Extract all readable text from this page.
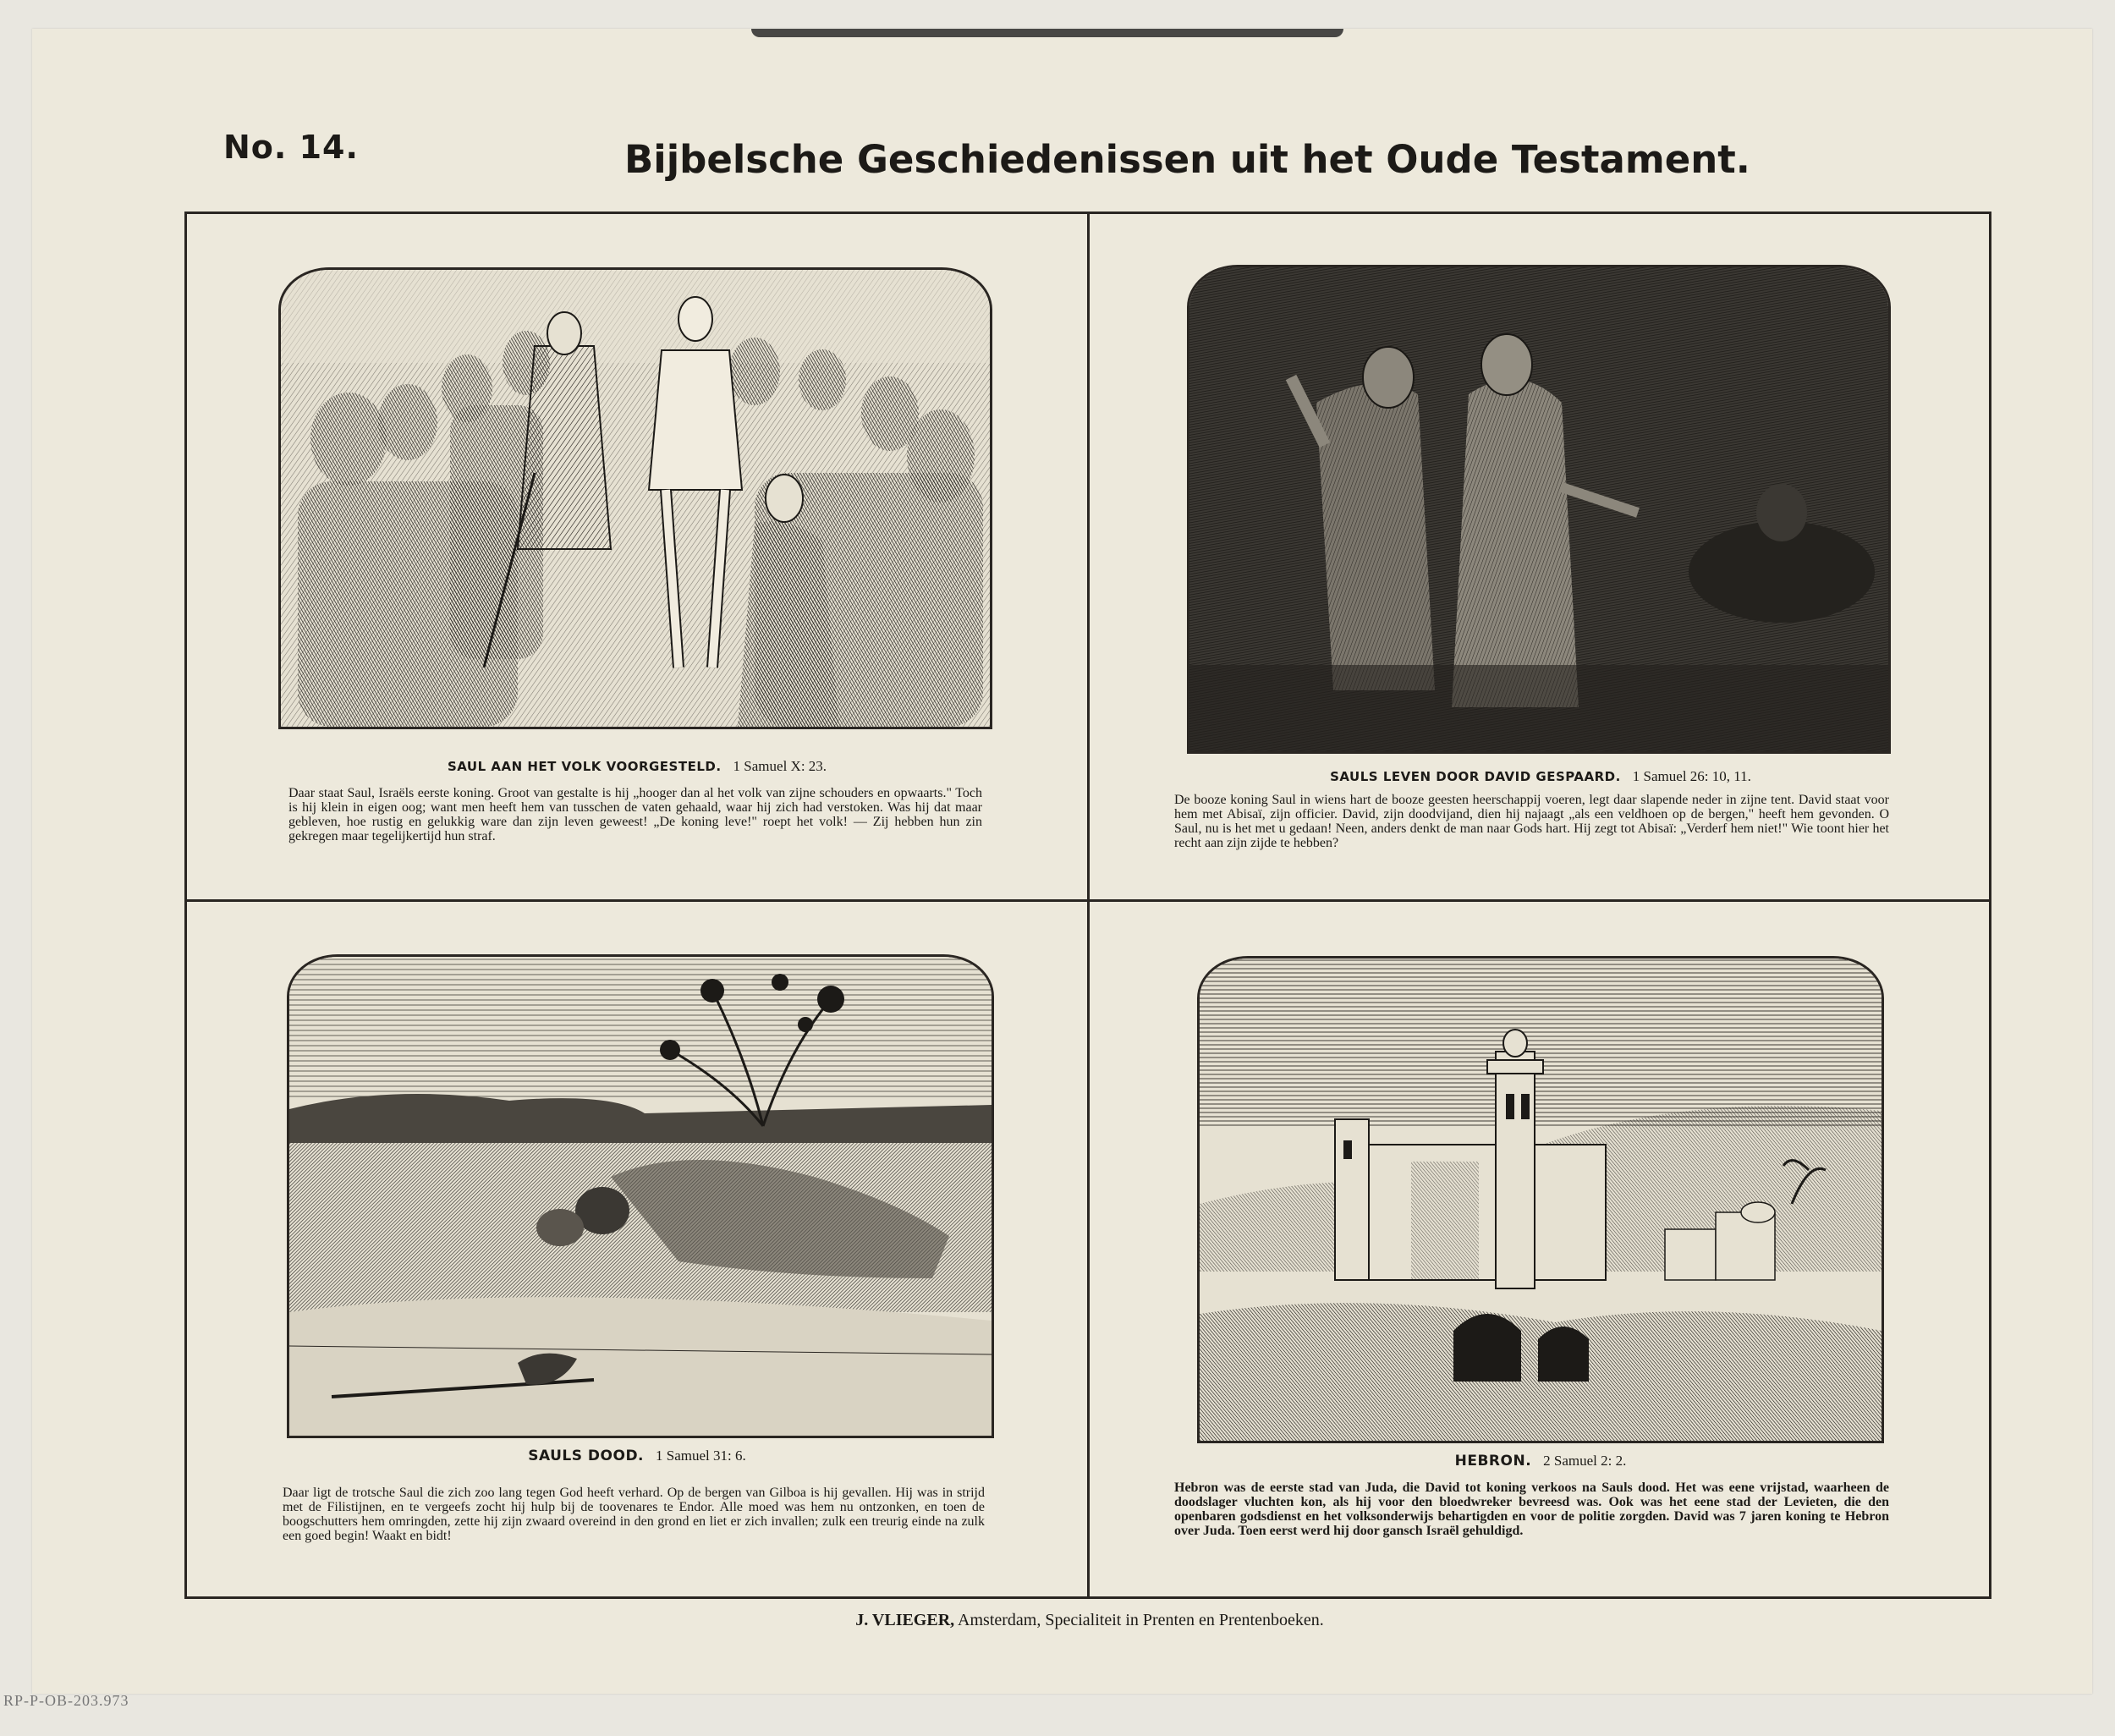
No. 14.	Bijbelsche Geschiedenissen uit het Oude Testament.
SAUL AAN HET VOLK VOORGESTELD. 1 Samuel X: 23.
Daar staat Saul, Israëls eerste koning. Groot van gestalte is hij „hooger dan al het volk van zijne schouders en opwaarts." Toch is hij klein in eigen oog; want men heeft hem van tusschen de vaten gehaald, waar hij zich had verstoken. Was hij dat maar gebleven, hoe rustig en gelukkig ware dan zijn leven geweest! „De koning leve!" roept het volk! — Zij hebben hun zin gekregen maar tegelijkertijd hun straf.
SAULS LEVEN DOOR DAVID GESPAARD. 1 Samuel 26: 10, 11.
De booze koning Saul in wiens hart de booze geesten heerschappij voeren, legt daar slapende neder in zijne tent. David staat voor hem met Abisaï, zijn officier. David, zijn doodvijand, dien hij najaagt „als een veldhoen op de bergen," heeft hem gevonden. O Saul, nu is het met u gedaan! Neen, anders denkt de man naar Gods hart. Hij zegt tot Abisaï: „Verderf hem niet!" Wie toont hier het recht aan zijn zijde te hebben?
SAULS DOOD. 1 Samuel 31: 6.
Daar ligt de trotsche Saul die zich zoo lang tegen God heeft verhard. Op de bergen van Gilboa is hij gevallen. Hij was in strijd met de Filistijnen, en te vergeefs zocht hij hulp bij de toovenares te Endor. Alle moed was hem nu ontzonken, en toen de boogschutters hem omringden, zette hij zijn zwaard overeind in den grond en liet er zich invallen; zulk een treurig einde na zulk een goed begin! Waakt en bidt!
HEBRON. 2 Samuel 2: 2.
Hebron was de eerste stad van Juda, die David tot koning verkoos na Sauls dood. Het was eene vrijstad, waarheen de doodslager vluchten kon, als hij voor den bloedwreker bevreesd was. Ook was het eene stad der Levieten, die den openbaren godsdienst en het volksonderwijs behartigden en voor de politie zorgden. David was 7 jaren koning te Hebron over Juda. Toen eerst werd hij door gansch Israël gehuldigd.
J. VLIEGER, Amsterdam, Specialiteit in Prenten en Prentenboeken.
RP-P-OB-203.973
